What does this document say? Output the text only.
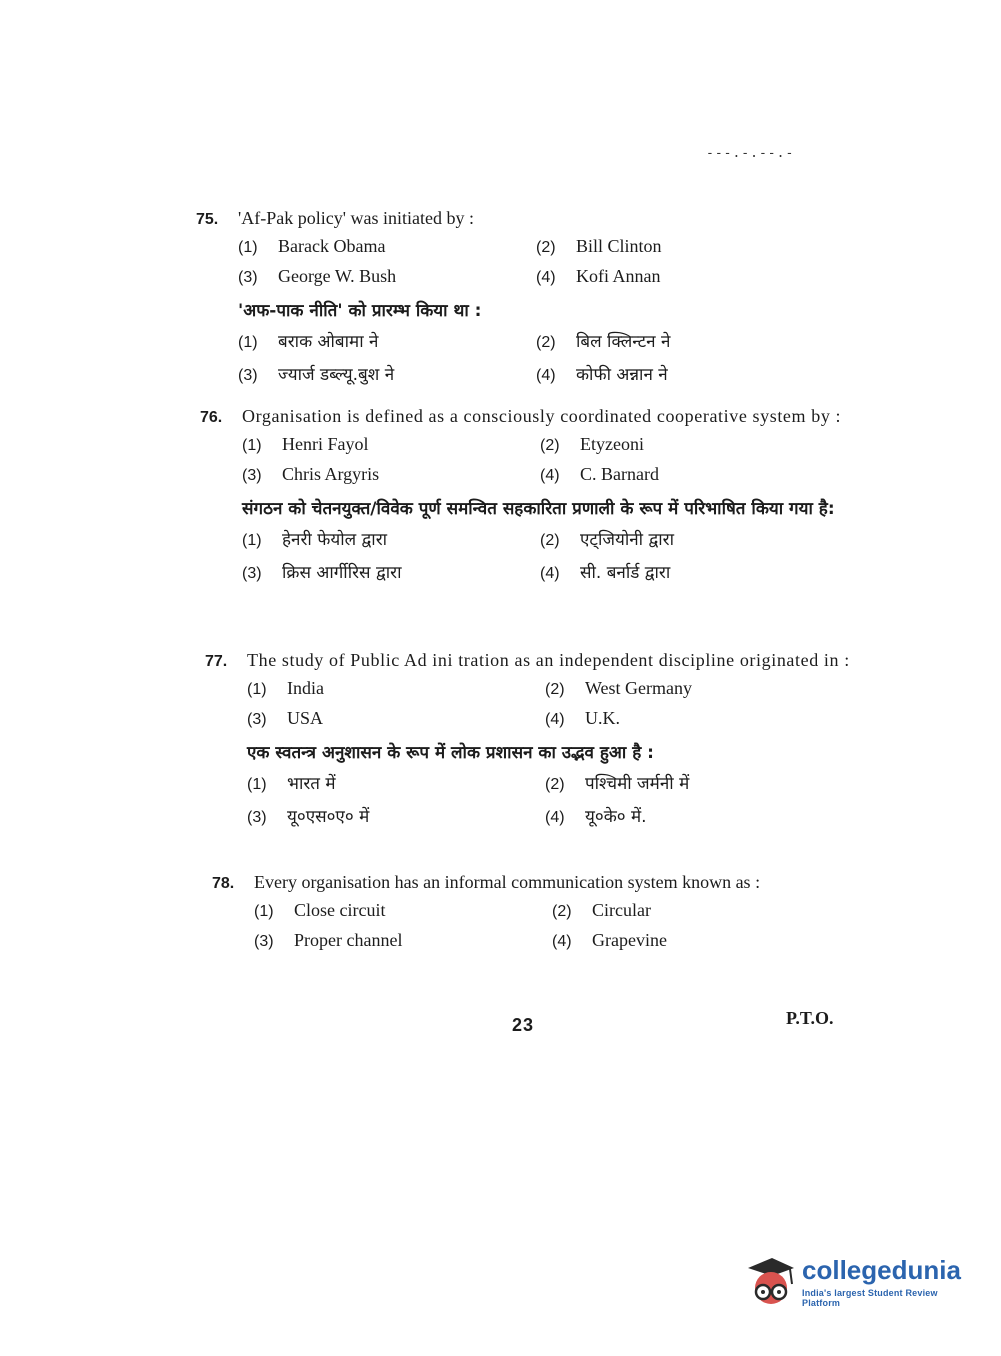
---.-.--.-
75.	'Af-Pak policy' was initiated by :
(1)	Barack Obama	(2)	Bill Clinton
(3)	George W. Bush	(4)	Kofi Annan
'अफ-पाक नीति' को प्रारम्भ किया था :
(1)	बराक ओबामा ने	(2)	बिल क्लिन्टन ने
(3)	ज्यार्ज डब्ल्यू.बुश ने	(4)	कोफी अन्नान ने
76.	Organisation is defined as a consciously coordinated cooperative system by :
(1)	Henri Fayol	(2)	Etyzeoni
(3)	Chris Argyris	(4)	C. Barnard
संगठन को चेतनयुक्त/विवेक पूर्ण समन्वित सहकारिता प्रणाली के रूप में परिभाषित किया गया है:
(1)	हेनरी फेयोल द्वारा	(2)	एट्जियोनी द्वारा
(3)	क्रिस आर्गीरिस द्वारा	(4)	सी. बर्नार्ड द्वारा
77.	The study of Public Ad ini tration as an independent discipline originated in :
(1)	India	(2)	West Germany
(3)	USA	(4)	U.K.
एक स्वतन्त्र अनुशासन के रूप में लोक प्रशासन का उद्भव हुआ है :
(1)	भारत में	(2)	पश्चिमी जर्मनी में
(3)	यू०एस०ए० में	(4)	यू०के० में.
78.	Every organisation has an informal communication system known as :
(1)	Close circuit	(2)	Circular
(3)	Proper channel	(4)	Grapevine
23	P.T.O.
collegedunia
India's largest Student Review Platform
